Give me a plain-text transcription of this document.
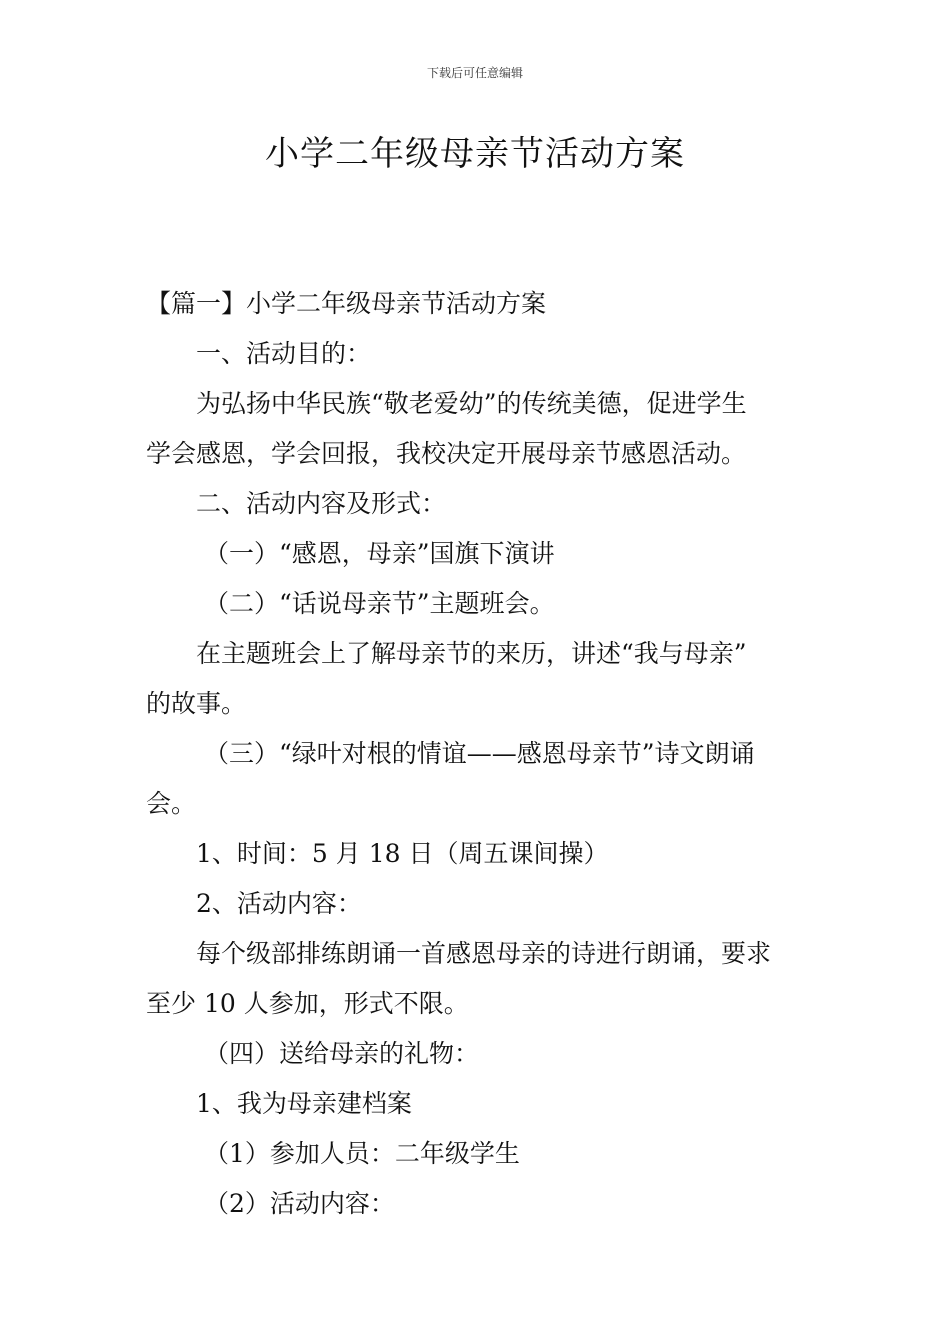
下载后可任意编辑
小学二年级母亲节活动方案
【篇一】小学二年级母亲节活动方案
一、活动目的：
为弘扬中华民族“敬老爱幼”的传统美德，促进学生
学会感恩，学会回报，我校决定开展母亲节感恩活动。
二、活动内容及形式：
（一）“感恩，母亲”国旗下演讲
（二）“话说母亲节”主题班会。
在主题班会上了解母亲节的来历，讲述“我与母亲”
的故事。
（三）“绿叶对根的情谊——感恩母亲节”诗文朗诵
会。
1、时间：5 月 18 日（周五课间操）
2、活动内容：
每个级部排练朗诵一首感恩母亲的诗进行朗诵，要求
至少 10 人参加，形式不限。
（四）送给母亲的礼物：
1、我为母亲建档案
（1）参加人员：二年级学生
（2）活动内容：
